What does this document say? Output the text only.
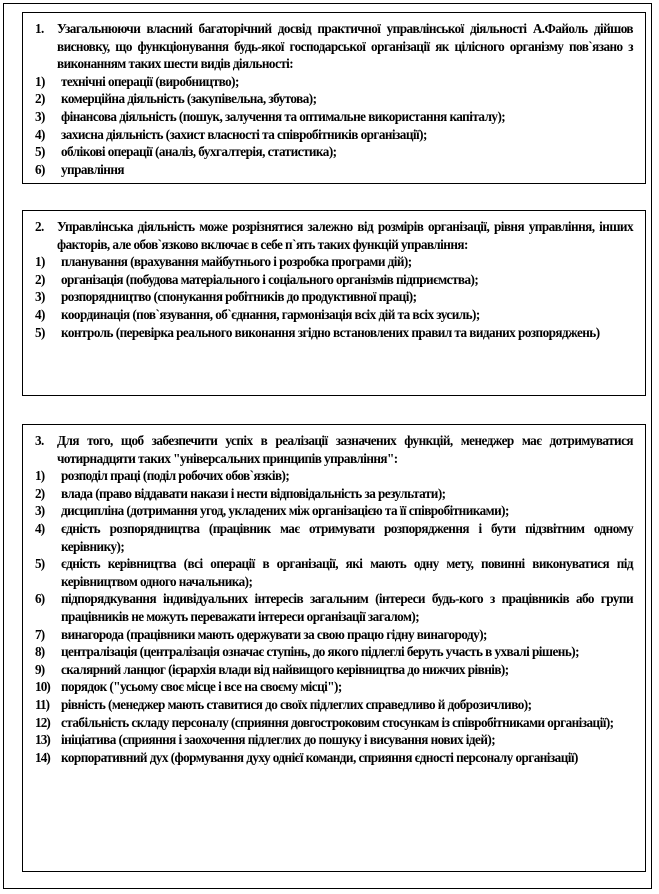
1.	Узагальнюючи власний багаторічний досвід практичної управлінської діяльності А.Файоль дійшов висновку, що функціонування будь-якої господарської організації як цілісного організму пов`язано з виконанням таких шести видів діяльності:
1)	технічні операції (виробництво);
2)	комерційна діяльність (закупівельна, збутова);
3)	фінансова діяльність (пошук, залучення та оптимальне використання капіталу);
4)	захисна діяльність (захист власності та співробітників організації);
5)	облікові операції (аналіз, бухгалтерія, статистика);
6)	управління
2.	Управлінська діяльність може розрізнятися залежно від розмірів організації, рівня управління, інших факторів, але обов`язково включає в себе п`ять таких функцій управління:
1)	планування (врахування майбутнього і розробка програми дій);
2)	організація (побудова матеріального і соціального організмів підприємства);
3)	розпорядництво (спонукання робітників до продуктивної праці);
4)	координація (пов`язування, об`єднання, гармонізація всіх дій та всіх зусиль);
5)	контроль (перевірка реального виконання згідно встановлених правил та виданих розпоряджень)
3.	Для того, щоб забезпечити успіх в реалізації зазначених функцій, менеджер має дотримуватися чотирнадцяти таких "універсальних принципів управління":
1)	розподіл праці (поділ робочих обов`язків);
2)	влада (право віддавати накази і нести відповідальність за результати);
3)	дисципліна (дотримання угод, укладених між організацією та її співробітниками);
4)	єдність розпорядництва (працівник має отримувати розпорядження і бути підзвітним одному керівнику);
5)	єдність керівництва (всі операції в організації, які мають одну мету, повинні виконуватися під керівництвом одного начальника);
6)	підпорядкування індивідуальних інтересів загальним (інтереси будь-кого з працівників або групи працівників не можуть переважати інтереси організації загалом);
7)	винагорода (працівники мають одержувати за свою працю гідну винагороду);
8)	централізація (централізація означає ступінь, до якого підлеглі беруть участь в ухвалі рішень);
9)	скалярний ланцюг (ієрархія влади від найвищого керівництва до нижчих рівнів);
10) порядок ("усьому своє місце і все на своєму місці");
11) рівність (менеджер мають ставитися до своїх підлеглих справедливо й доброзичливо);
12) стабільність складу персоналу (сприяння довгостроковим стосункам із співробітниками організації);
13) ініціатива (сприяння і заохочення підлеглих до пошуку і висування нових ідей);
14) корпоративний дух (формування духу однієї команди, сприяння єдності персоналу організації)
